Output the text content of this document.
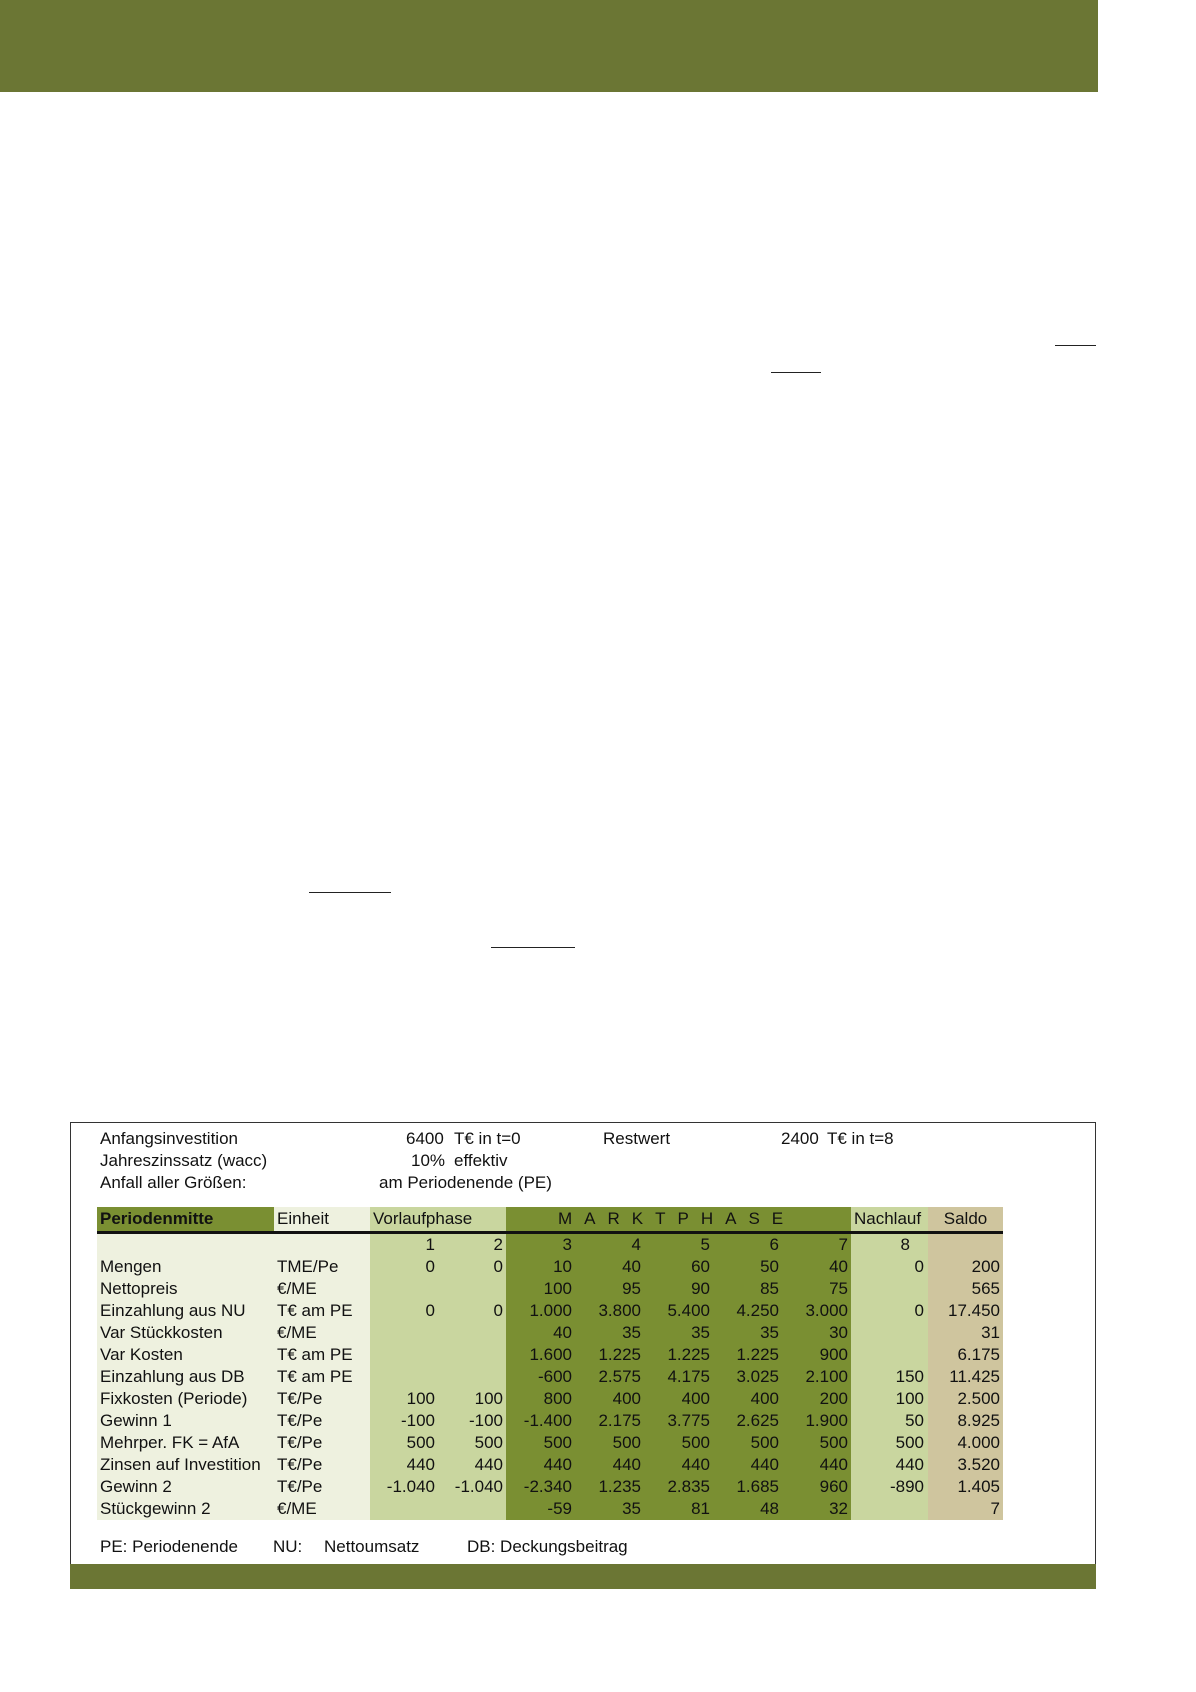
Anfangsinvestition	6400 T€ in t=0	Restwert	2400 T€ in t=8
Jahreszinssatz (wacc)	10% effektiv
Anfall aller Größen:	am Periodenende (PE)
Periodenmitte	Einheit	Vorlaufphase		MARKTPHASE					Nachlauf	Saldo
		1	2	3	4	5	6	7	8	
Mengen	TME/Pe	0	0	10	40	60	50	40	0	200
Nettopreis	€/ME			100	95	90	85	75		565
Einzahlung aus NU	T€ am PE	0	0	1.000	3.800	5.400	4.250	3.000	0	17.450
Var Stückkosten	€/ME			40	35	35	35	30		31
Var Kosten	T€ am PE			1.600	1.225	1.225	1.225	900		6.175
Einzahlung aus DB	T€ am PE			-600	2.575	4.175	3.025	2.100	150	11.425
Fixkosten (Periode)	T€/Pe	100	100	800	400	400	400	200	100	2.500
Gewinn 1	T€/Pe	-100	-100	-1.400	2.175	3.775	2.625	1.900	50	8.925
Mehrper. FK = AfA	T€/Pe	500	500	500	500	500	500	500	500	4.000
Zinsen auf Investition	T€/Pe	440	440	440	440	440	440	440	440	3.520
Gewinn 2	T€/Pe	-1.040	-1.040	-2.340	1.235	2.835	1.685	960	-890	1.405
Stückgewinn 2	€/ME			-59	35	81	48	32		7
PE: Periodenende NU: Nettoumsatz	DB: Deckungsbeitrag
